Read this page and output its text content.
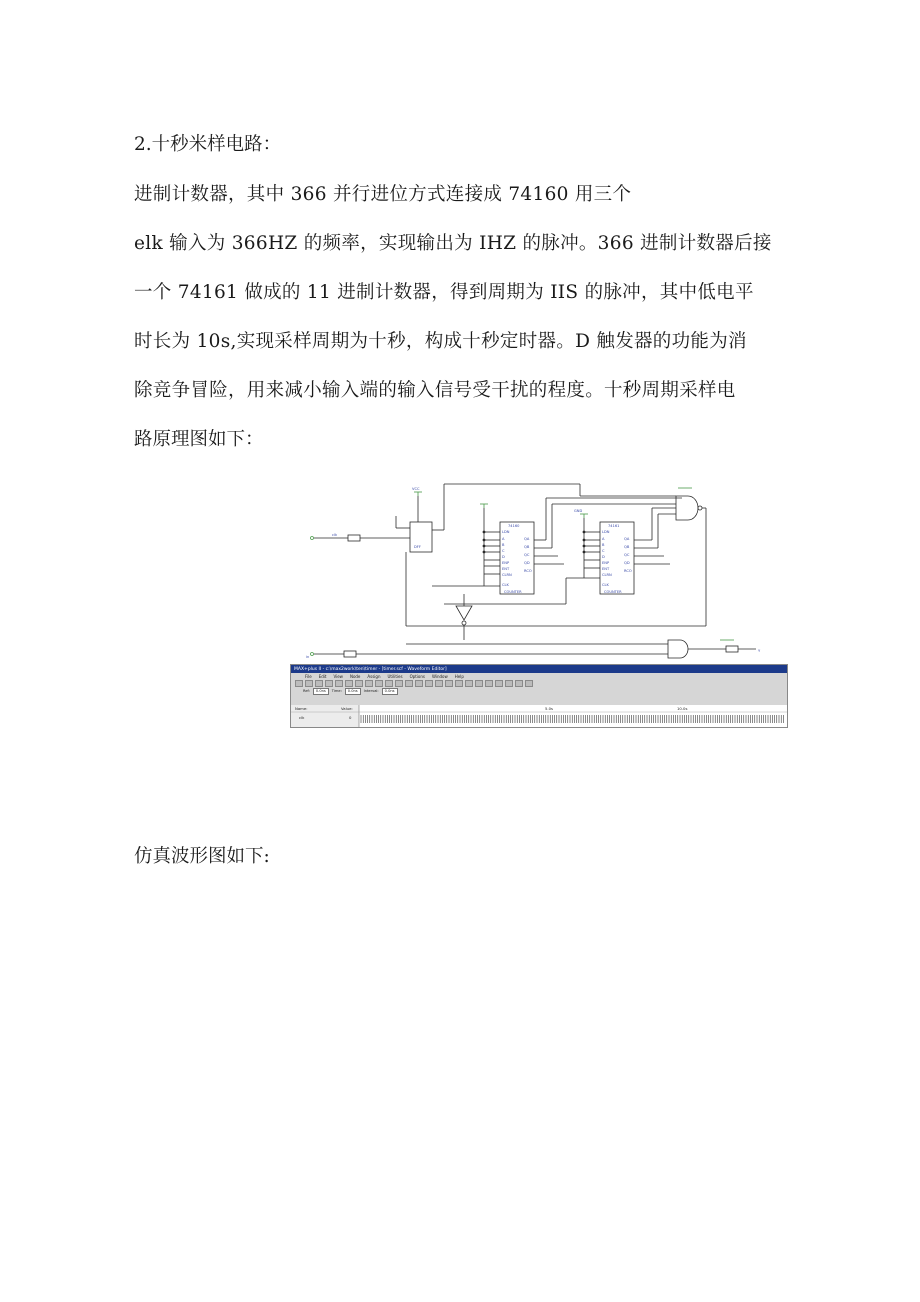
2.十秒米样电路：
进制计数器，其中 366 并行进位方式连接成 74160 用三个
elk 输入为 366HZ 的频率，实现输出为 IHZ 的脉冲。366 进制计数器后接
一个 74161 做成的 11 进制计数器，得到周期为 IIS 的脉冲，其中低电平
时长为 10s,实现采样周期为十秒，构成十秒定时器。D 触发器的功能为消
除竞争冒险，用来减小输入端的输入信号受干扰的程度。十秒周期采样电
路原理图如下：
74160
LDN
A
B
C
D
ENP
ENT
CLRN
CLK
QA
QB
QC
QD
RCO
COUNTER
74161
LDN
A
B
C
D
ENP
ENT
CLRN
CLK
QA
QB
QC
QD
RCO
COUNTER
DFF
clk
in
Y
VCC
GND
MAX+plus II - c:\max2work\ten\timer - [timer.scf - Waveform Editor]
File Edit View Node Assign Utilities Options Window Help
Ref:	0.0ns	Time:	0.0ns	Interval:	0.0ns
Name:	Value:
clk	0
5.0s	10.0s
仿真波形图如下:
